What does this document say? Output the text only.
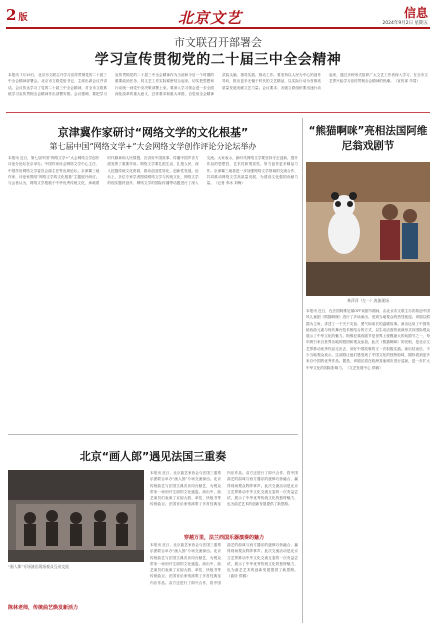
2 版	北京文艺	信息
2024年9月2日 星期五
市文联召开部署会
学习宣传贯彻党的二十届三中全会精神
本报讯 7月19日，北京市文联召开学习宣传贯彻党的二十届三中全会精神部署会。北京市文联党组书记、主席出席会议并讲话。会议传达学习了党的二十届三中全会精神，对全市文联系统学习宣传贯彻全会精神作出部署安排。会议强调，要把学习宣传贯彻党的二十届三中全会精神作为当前和今后一个时期的重要政治任务，同文艺工作实际紧密结合起来，切实把思想和行动统一到党中央决策部署上来。要深入学习领会进一步全面深化改革的重大意义、总体要求和重大举措，自觉用全会精神武装头脑、指导实践、推动工作。要坚持以人民为中心的创作导向，推出更多无愧于时代的文艺精品，以实际行动为首都高质量发展贡献文艺力量。会议要求，各级文联组织要迅速行动起来，通过多种形式组织广大文艺工作者深入学习，在全市文艺界兴起学习宣传贯彻全会精神的热潮。（宣传部 毕荔）
京津冀作家研讨“网络文学的文化根基”
第七届中国“网络文学+”大会网络文学创作评论分论坛举办
本报讯 近日，第七届中国“网络文学+”大会网络文学创作评论分论坛在京举办。中国作家协会网络文学中心主任、中国作协网络文学委员会副主任等出席论坛。京津冀三地作家、评论家围绕“网络文学的文化根基”主题展开研讨。与会者认为，网络文学根植于中华优秀传统文化，承载着时代精神和人民情感，在讲好中国故事、传播中国声音方面发挥了重要作用。网络文学要扎根生活、扎根人民，深入挖掘传统文化资源，推动创造性转化、创新性发展。论坛上，多位专家学者围绕网络文学与传统文化、网络文学的现实题材创作、网络文学的国际传播等话题进行了深入交流。大家表示，新时代网络文学要坚持守正创新，提升作品的思想性、艺术性和观赏性，努力创作更多精品力作。京津冀三地将进一步加强网络文学领域的交流合作，共同推动网络文学高质量发展，为建设文化强国贡献力量。（记者 李冰 刘梅）
北京“画人郎”遇见法国三重奏
“画人郎”专场演出现场观众互动交流
陈林老师，传统曲艺焕发新活力
本报讯 近日，北京曲艺家协会与法国三重奏乐团联合举办“画人郎”专场交流演出。北京传统曲艺与法国古典音乐同台献艺，为观众带来一场别开生面的文化盛宴。演出中，曲艺演员们表演了京韵大鼓、单弦、快板书等传统曲目，法国音乐家则演奏了多首经典室内乐作品。双方还进行了即兴合作，将中国曲艺的韵味与西方器乐的旋律巧妙融合，赢得现场观众阵阵掌声。此次交流活动是北京文艺界推动中外文化交流互鉴的一次有益尝试，展示了中华优秀传统文化的独特魅力，也为曲艺艺术的创新发展提供了新思路。
穿越万里，法兰西国乐器演奏的魅力
本报讯 近日，北京曲艺家协会与法国三重奏乐团联合举办“画人郎”专场交流演出。北京传统曲艺与法国古典音乐同台献艺，为观众带来一场别开生面的文化盛宴。演出中，曲艺演员们表演了京韵大鼓、单弦、快板书等传统曲目，法国音乐家则演奏了多首经典室内乐作品。双方还进行了即兴合作，将中国曲艺的韵味与西方器乐的旋律巧妙融合，赢得现场观众阵阵掌声。此次交流活动是北京文艺界推动中外文化交流互鉴的一次有益尝试，展示了中华优秀传统文化的独特魅力，也为曲艺艺术的创新发展提供了新思路。（曲协 供稿）
“熊猫啊咪”亮相法国阿维尼翁戏剧节
林萍萍（左一）表演现场
本报讯 近日，在法国阿维尼翁OFF戏剧节期间，由北京市文联主办的原创中国风儿童剧《熊猫啊咪》进行了多场演出，受到当地观众的热烈欢迎。该剧以熊猫为主角，讲述了一个关于友谊、勇气和成长的温暖故事。演出运用了中国传统戏曲元素与现代舞台技术相结合的方式，以生动活泼的表演形式向国际观众展示了中华文化的魅力。阿维尼翁戏剧节是世界上规模最大的戏剧节之一，每年吸引来自世界各地的剧团和观众参加。此次《熊猫啊咪》的亮相，是北京文艺界推动优秀作品走出去、讲好中国故事的又一次积极实践。演出结束后，不少当地观众表示，这部剧让他们感受到了中国文化的独特韵味，期待看到更多来自中国的优秀作品。据悉，该剧还将在欧洲其他城市进行巡演，进一步扩大中华文化的国际影响力。（文艺发展中心 供稿）
